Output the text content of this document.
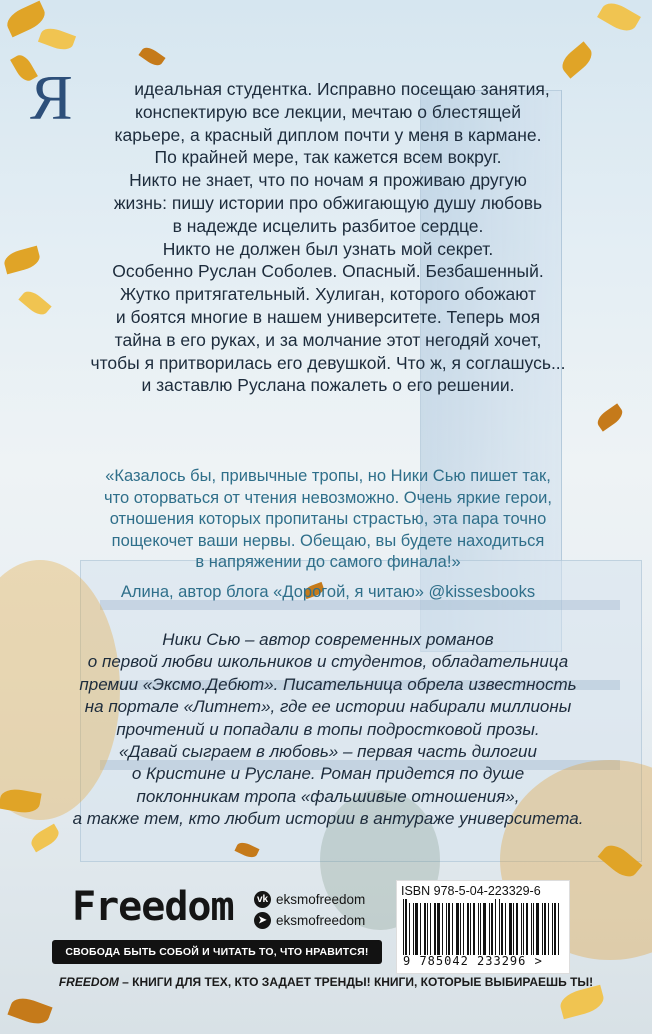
Я	идеальная студентка. Исправно посещаю занятия,
конспектирую все лекции, мечтаю о блестящей
карьере, а красный диплом почти у меня в кармане.
По крайней мере, так кажется всем вокруг.
Никто не знает, что по ночам я проживаю другую
жизнь: пишу истории про обжигающую душу любовь
в надежде исцелить разбитое сердце.
Никто не должен был узнать мой секрет.
Особенно Руслан Соболев. Опасный. Безбашенный.
Жутко притягательный. Хулиган, которого обожают
и боятся многие в нашем университете. Теперь моя
тайна в его руках, и за молчание этот негодяй хочет,
чтобы я притворилась его девушкой. Что ж, я соглашусь...
и заставлю Руслана пожалеть о его решении.
«Казалось бы, привычные тропы, но Ники Сью пишет так,
что оторваться от чтения невозможно. Очень яркие герои,
отношения которых пропитаны страстью, эта пара точно
пощекочет ваши нервы. Обещаю, вы будете находиться
в напряжении до самого финала!»
Алина, автор блога «Дорогой, я читаю» @kissesbooks
Ники Сью – автор современных романов
о первой любви школьников и студентов, обладательница
премии «Эксмо.Дебют». Писательница обрела известность
на портале «Литнет», где ее истории набирали миллионы
прочтений и попадали в топы подростковой прозы.
«Давай сыграем в любовь» – первая часть дилогии
о Кристине и Руслане. Роман придется по душе
поклонникам тропа «фальшивые отношения»,
а также тем, кто любит истории в антураже университета.
Freedom vk eksmofreedom
➤ eksmofreedom
ISBN 978-5-04-223329-6
9 785042 233296 >
СВОБОДА БЫТЬ СОБОЙ И ЧИТАТЬ ТО, ЧТО НРАВИТСЯ!
FREEDOM – КНИГИ ДЛЯ ТЕХ, КТО ЗАДАЕТ ТРЕНДЫ! КНИГИ, КОТОРЫЕ ВЫБИРАЕШЬ ТЫ!
